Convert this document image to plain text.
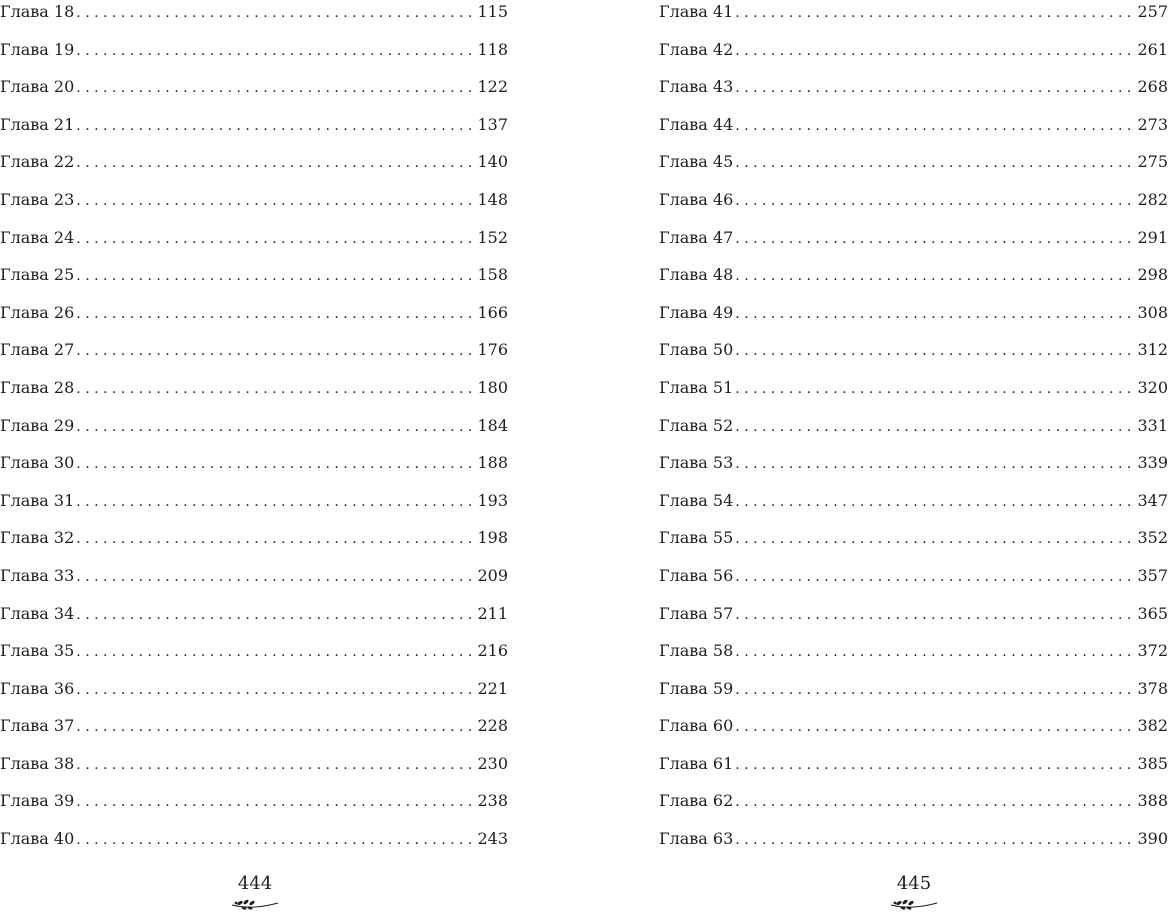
Глава 18 . . .	115
Глава 19 . . .	118
Глава 20 . . .	122
Глава 21 . . .	137
Глава 22 . . .	140
Глава 23 . . .	148
Глава 24 . . .	152
Глава 25 . . .	158
Глава 26 . . .	166
Глава 27 . . .	176
Глава 28 . . .	180
Глава 29 . . .	184
Глава 30 . . .	188
Глава 31 . . .	193
Глава 32 . . .	198
Глава 33 . . .	209
Глава 34 . . .	211
Глава 35 . . .	216
Глава 36 . . .	221
Глава 37 . . .	228
Глава 38 . . .	230
Глава 39 . . .	238
Глава 40 . . .	243
444
Глава 41 . . .	257
Глава 42 . . .	261
Глава 43 . . .	268
Глава 44 . . .	273
Глава 45 . . .	275
Глава 46 . . .	282
Глава 47 . . .	291
Глава 48 . . .	298
Глава 49 . . .	308
Глава 50 . . .	312
Глава 51 . . .	320
Глава 52 . . .	331
Глава 53 . . .	339
Глава 54 . . .	347
Глава 55 . . .	352
Глава 56 . . .	357
Глава 57 . . .	365
Глава 58 . . .	372
Глава 59 . . .	378
Глава 60 . . .	382
Глава 61 . . .	385
Глава 62 . . .	388
Глава 63 . . .	390
445
